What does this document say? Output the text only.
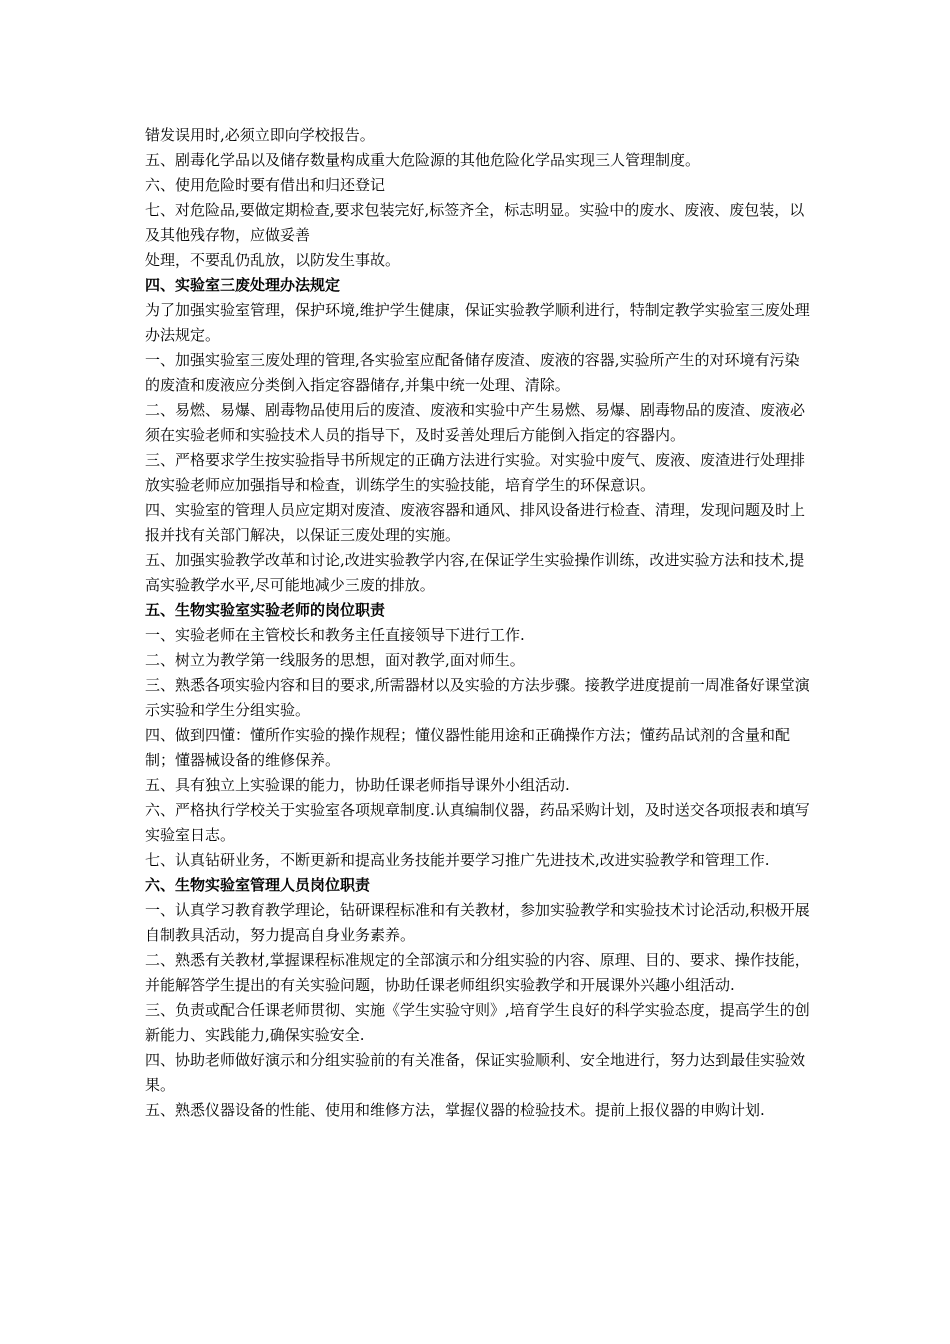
错发误用时,必须立即向学校报告。

五、剧毒化学品以及储存数量构成重大危险源的其他危险化学品实现三人管理制度。

六、使用危险时要有借出和归还登记

七、对危险品,要做定期检查,要求包装完好,标签齐全，标志明显。实验中的废水、废液、废包装，以及其他残存物，应做妥善

处理，不要乱仍乱放，以防发生事故。

四、实验室三废处理办法规定

为了加强实验室管理，保护环境,维护学生健康，保证实验教学顺利进行，特制定教学实验室三废处理办法规定。

一、加强实验室三废处理的管理,各实验室应配备储存废渣、废液的容器,实验所产生的对环境有污染的废渣和废液应分类倒入指定容器储存,并集中统一处理、清除。

二、易燃、易爆、剧毒物品使用后的废渣、废液和实验中产生易燃、易爆、剧毒物品的废渣、废液必须在实验老师和实验技术人员的指导下，及时妥善处理后方能倒入指定的容器内。

三、严格要求学生按实验指导书所规定的正确方法进行实验。对实验中废气、废液、废渣进行处理排放实验老师应加强指导和检查，训练学生的实验技能，培育学生的环保意识。

四、实验室的管理人员应定期对废渣、废液容器和通风、排风设备进行检查、清理，发现问题及时上报并找有关部门解决，以保证三废处理的实施。

五、加强实验教学改革和讨论,改进实验教学内容,在保证学生实验操作训练，改进实验方法和技术,提高实验教学水平,尽可能地减少三废的排放。

五、生物实验室实验老师的岗位职责

一、实验老师在主管校长和教务主任直接领导下进行工作.

二、树立为教学第一线服务的思想，面对教学,面对师生。

三、熟悉各项实验内容和目的要求,所需器材以及实验的方法步骤。接教学进度提前一周准备好课堂演示实验和学生分组实验。

四、做到四懂：懂所作实验的操作规程；懂仪器性能用途和正确操作方法；懂药品试剂的含量和配制；懂器械设备的维修保养。

五、具有独立上实验课的能力，协助任课老师指导课外小组活动.

六、严格执行学校关于实验室各项规章制度.认真编制仪器，药品采购计划，及时送交各项报表和填写实验室日志。

七、认真钻研业务，不断更新和提高业务技能并要学习推广先进技术,改进实验教学和管理工作.

六、生物实验室管理人员岗位职责

一、认真学习教育教学理论，钻研课程标准和有关教材，参加实验教学和实验技术讨论活动,积极开展自制教具活动，努力提高自身业务素养。

二、熟悉有关教材,掌握课程标准规定的全部演示和分组实验的内容、原理、目的、要求、操作技能，并能解答学生提出的有关实验问题，协助任课老师组织实验教学和开展课外兴趣小组活动.

三、负责或配合任课老师贯彻、实施《学生实验守则》,培育学生良好的科学实验态度，提高学生的创新能力、实践能力,确保实验安全.

四、协助老师做好演示和分组实验前的有关准备，保证实验顺利、安全地进行，努力达到最佳实验效果。

五、熟悉仪器设备的性能、使用和维修方法，掌握仪器的检验技术。提前上报仪器的申购计划.
